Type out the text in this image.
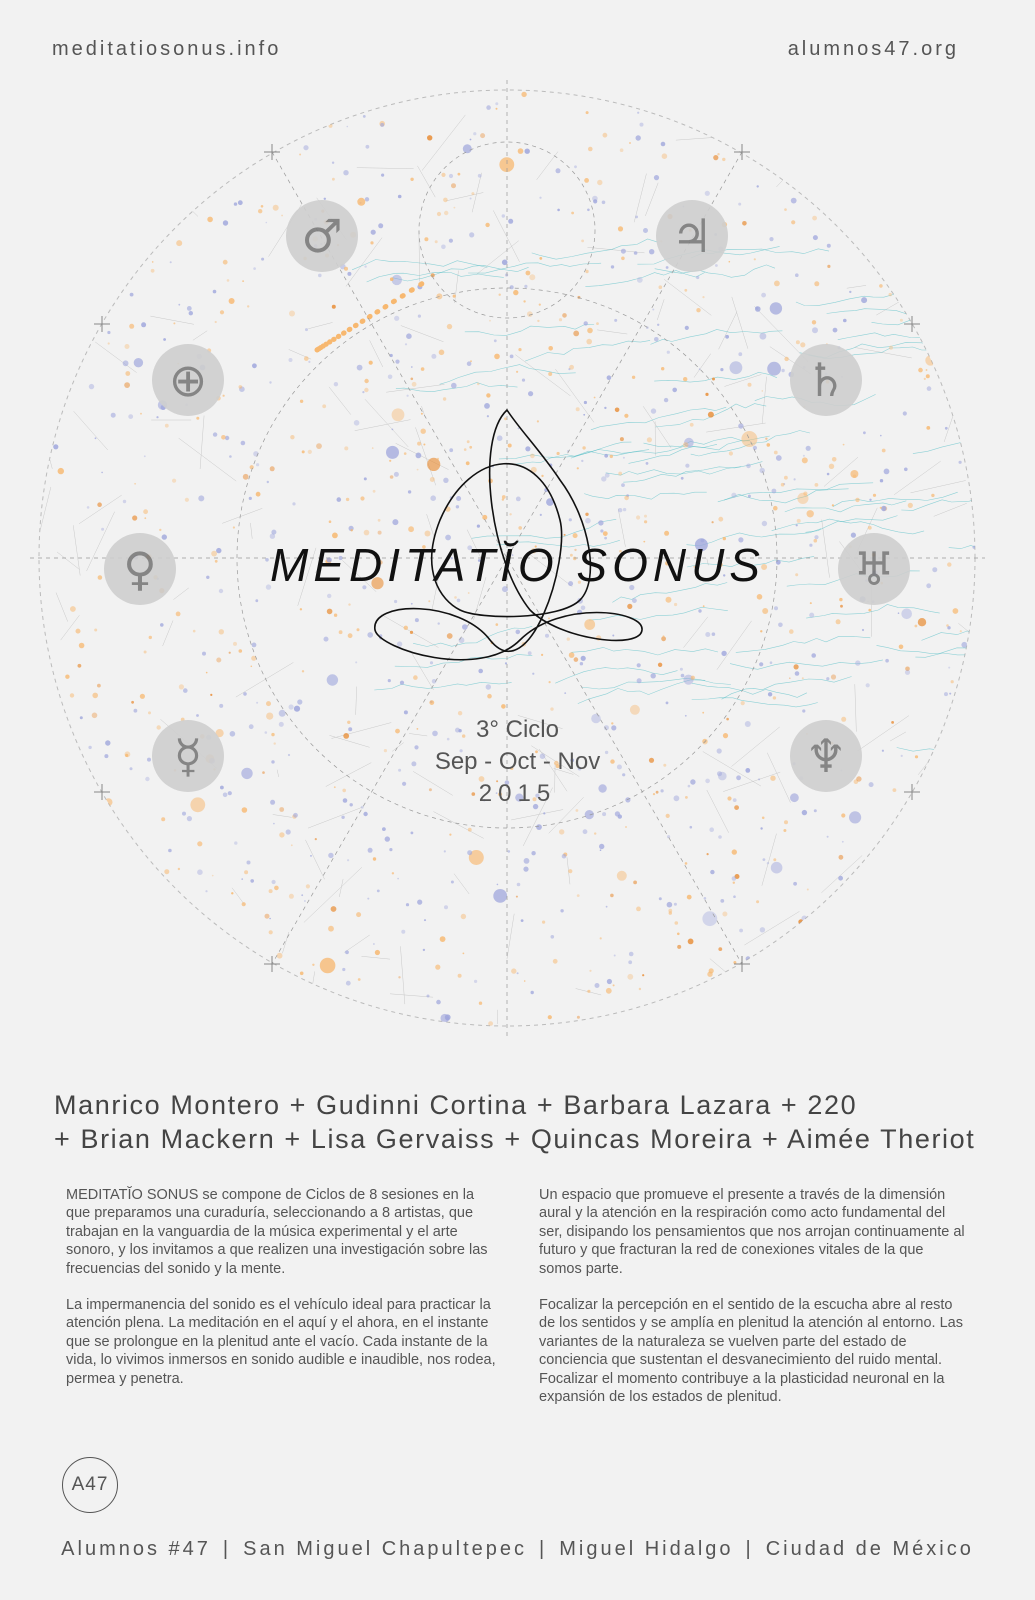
meditatiosonus.info	alumnos47.org
♂	♃
⊕	♄
♀	♅
☿	♆
MEDITATĬO SONUS
3° Ciclo
Sep - Oct - Nov
2015
Manrico Montero + Gudinni Cortina + Barbara Lazara + 220
+ Brian Mackern + Lisa Gervaiss + Quincas Moreira + Aimée Theriot

MEDITATĬO SONUS se compone de Ciclos de 8 sesiones en la que preparamos una curaduría, seleccionando a 8 artistas, que trabajan en la vanguardia de la música experimental y el arte sonoro, y los invitamos a que realizen una investigación sobre las frecuencias del sonido y la mente.

La impermanencia del sonido es el vehículo ideal para practicar la atención plena. La meditación en el aquí y el ahora, en el instante que se prolongue en la plenitud ante el vacío. Cada instante de la vida, lo vivimos inmersos en sonido audible e inaudible, nos rodea, permea y penetra.

Un espacio que promueve el presente a través de la dimensión aural y la atención en la respiración como acto fundamental del ser, disipando los pensamientos que nos arrojan continuamente al futuro y que fracturan la red de conexiones vitales de la que somos parte.

Focalizar la percepción en el sentido de la escucha abre al resto de los sentidos y se amplía en plenitud la atención al entorno. Las variantes de la naturaleza se vuelven parte del estado de conciencia que sustentan el desvanecimiento del ruido mental. Focalizar el momento contribuye a la plasticidad neuronal en la expansión de los estados de plenitud.

A47
Alumnos #47 | San Miguel Chapultepec | Miguel Hidalgo | Ciudad de México
